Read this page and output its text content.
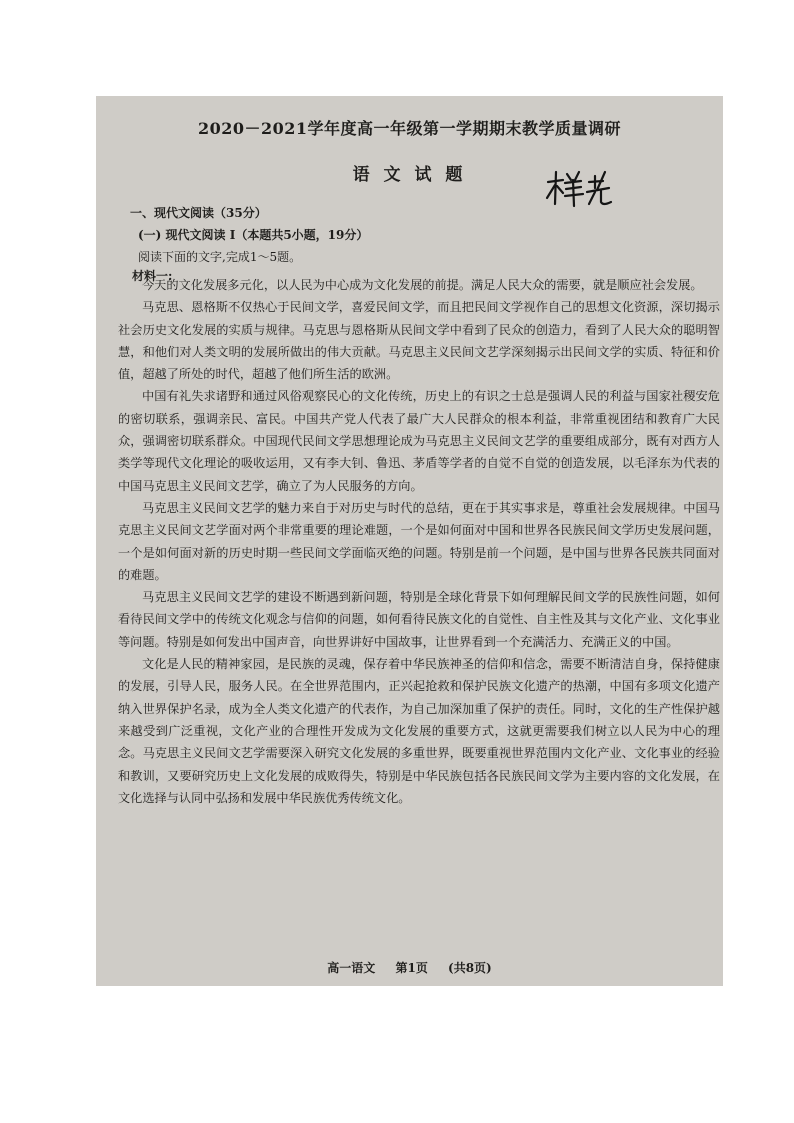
2020－2021学年度高一年级第一学期期末教学质量调研
语 文 试 题
一、现代文阅读（35分）
(一) 现代文阅读 I（本题共5小题，19分）
阅读下面的文字,完成1～5题。
材料一:

今天的文化发展多元化，以人民为中心成为文化发展的前提。满足人民大众的需要，就是顺应社会发展。

马克思、恩格斯不仅热心于民间文学，喜爱民间文学，而且把民间文学视作自己的思想文化资源，深切揭示社会历史文化发展的实质与规律。马克思与恩格斯从民间文学中看到了民众的创造力，看到了人民大众的聪明智慧，和他们对人类文明的发展所做出的伟大贡献。马克思主义民间文艺学深刻揭示出民间文学的实质、特征和价值，超越了所处的时代，超越了他们所生活的欧洲。

中国有礼失求诸野和通过风俗观察民心的文化传统，历史上的有识之士总是强调人民的利益与国家社稷安危的密切联系，强调亲民、富民。中国共产党人代表了最广大人民群众的根本利益，非常重视团结和教育广大民众，强调密切联系群众。中国现代民间文学思想理论成为马克思主义民间文艺学的重要组成部分，既有对西方人类学等现代文化理论的吸收运用，又有李大钊、鲁迅、茅盾等学者的自觉不自觉的创造发展，以毛泽东为代表的中国马克思主义民间文艺学，确立了为人民服务的方向。

马克思主义民间文艺学的魅力来自于对历史与时代的总结，更在于其实事求是，尊重社会发展规律。中国马克思主义民间文艺学面对两个非常重要的理论难题，一个是如何面对中国和世界各民族民间文学历史发展问题，一个是如何面对新的历史时期一些民间文学面临灭绝的问题。特别是前一个问题，是中国与世界各民族共同面对的难题。

马克思主义民间文艺学的建设不断遇到新问题，特别是全球化背景下如何理解民间文学的民族性问题，如何看待民间文学中的传统文化观念与信仰的问题，如何看待民族文化的自觉性、自主性及其与文化产业、文化事业等问题。特别是如何发出中国声音，向世界讲好中国故事，让世界看到一个充满活力、充满正义的中国。

文化是人民的精神家园，是民族的灵魂，保存着中华民族神圣的信仰和信念，需要不断清洁自身，保持健康的发展，引导人民，服务人民。在全世界范围内，正兴起抢救和保护民族文化遗产的热潮，中国有多项文化遗产纳入世界保护名录，成为全人类文化遗产的代表作，为自己加深加重了保护的责任。同时，文化的生产性保护越来越受到广泛重视，文化产业的合理性开发成为文化发展的重要方式，这就更需要我们树立以人民为中心的理念。马克思主义民间文艺学需要深入研究文化发展的多重世界，既要重视世界范围内文化产业、文化事业的经验和教训，又要研究历史上文化发展的成败得失，特别是中华民族包括各民族民间文学为主要内容的文化发展，在文化选择与认同中弘扬和发展中华民族优秀传统文化。

高一语文 第1页 (共8页)
